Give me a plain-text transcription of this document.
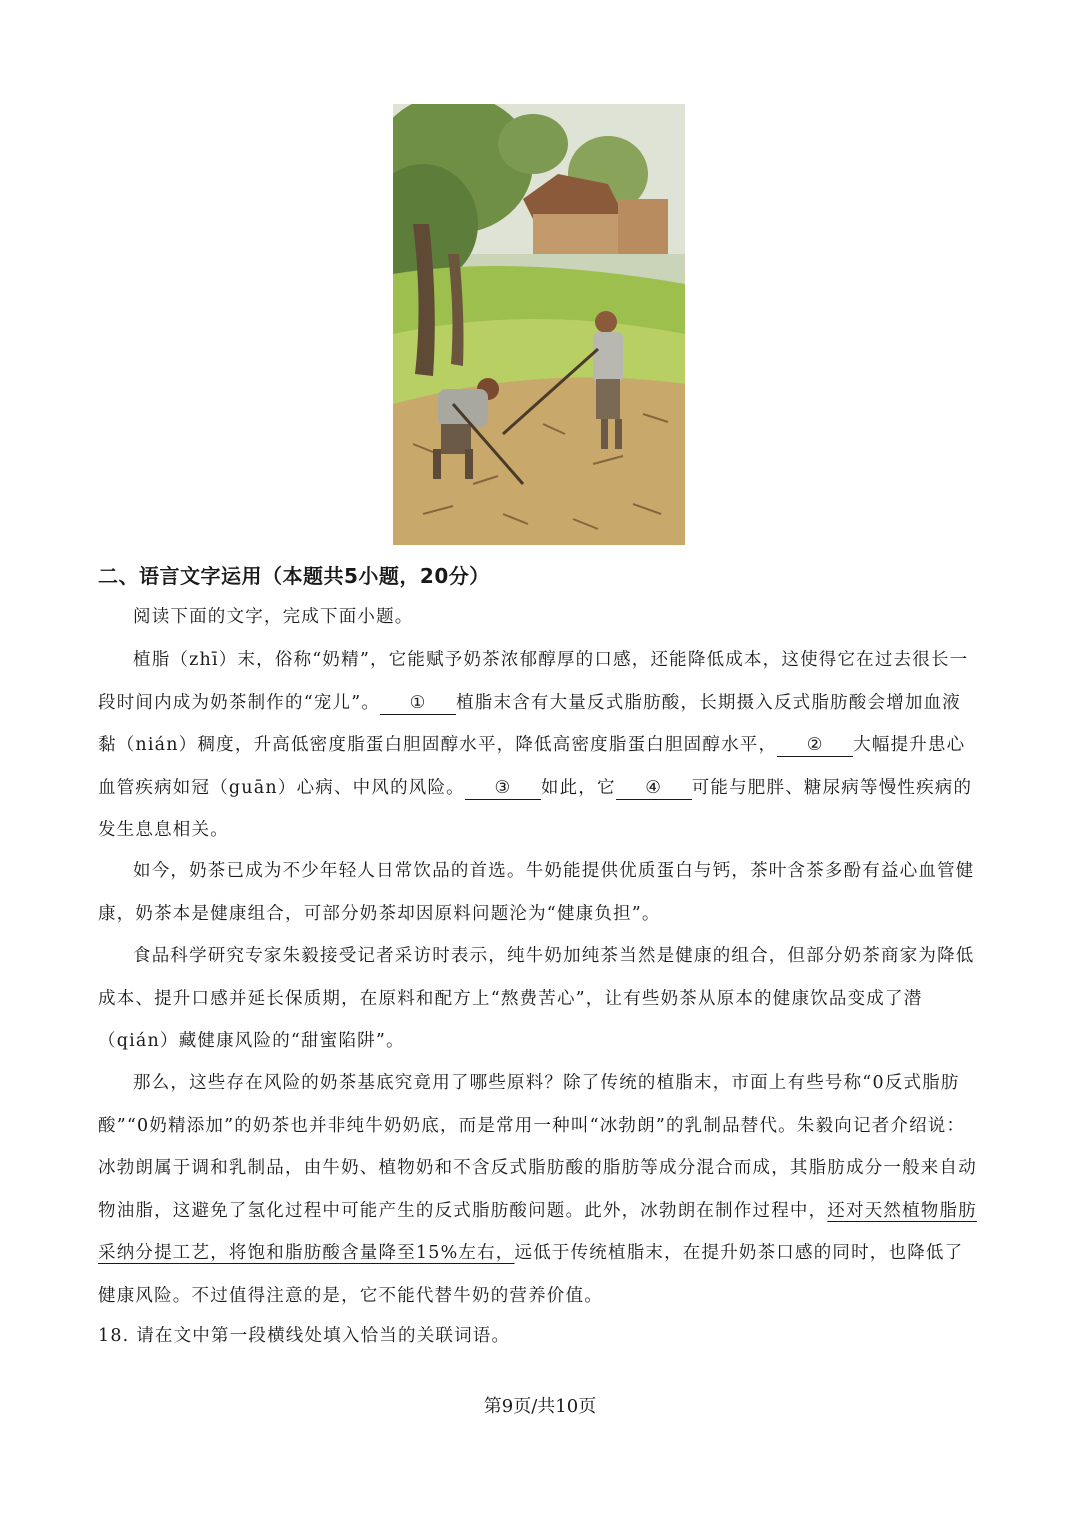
二、语言文字运用（本题共5小题，20分）

阅读下面的文字，完成下面小题。

植脂（zhī）末，俗称“奶精”，它能赋予奶茶浓郁醇厚的口感，还能降低成本，这使得它在过去很长一段时间内成为奶茶制作的“宠儿”。 ① 植脂末含有大量反式脂肪酸，长期摄入反式脂肪酸会增加血液黏（nián）稠度，升高低密度脂蛋白胆固醇水平，降低高密度脂蛋白胆固醇水平， ② 大幅提升患心血管疾病如冠（guān）心病、中风的风险。 ③ 如此，它 ④ 可能与肥胖、糖尿病等慢性疾病的发生息息相关。

如今，奶茶已成为不少年轻人日常饮品的首选。牛奶能提供优质蛋白与钙，茶叶含茶多酚有益心血管健康，奶茶本是健康组合，可部分奶茶却因原料问题沦为“健康负担”。

食品科学研究专家朱毅接受记者采访时表示，纯牛奶加纯茶当然是健康的组合，但部分奶茶商家为降低成本、提升口感并延长保质期，在原料和配方上“熬费苦心”，让有些奶茶从原本的健康饮品变成了潜（qián）藏健康风险的“甜蜜陷阱”。

那么，这些存在风险的奶茶基底究竟用了哪些原料？除了传统的植脂末，市面上有些号称“0反式脂肪酸”“0奶精添加”的奶茶也并非纯牛奶奶底，而是常用一种叫“冰勃朗”的乳制品替代。朱毅向记者介绍说：冰勃朗属于调和乳制品，由牛奶、植物奶和不含反式脂肪酸的脂肪等成分混合而成，其脂肪成分一般来自动物油脂，这避免了氢化过程中可能产生的反式脂肪酸问题。此外，冰勃朗在制作过程中，还对天然植物脂肪采纳分提工艺，将饱和脂肪酸含量降至15%左右，远低于传统植脂末，在提升奶茶口感的同时，也降低了健康风险。不过值得注意的是，它不能代替牛奶的营养价值。

18. 请在文中第一段横线处填入恰当的关联词语。
第9页/共10页
